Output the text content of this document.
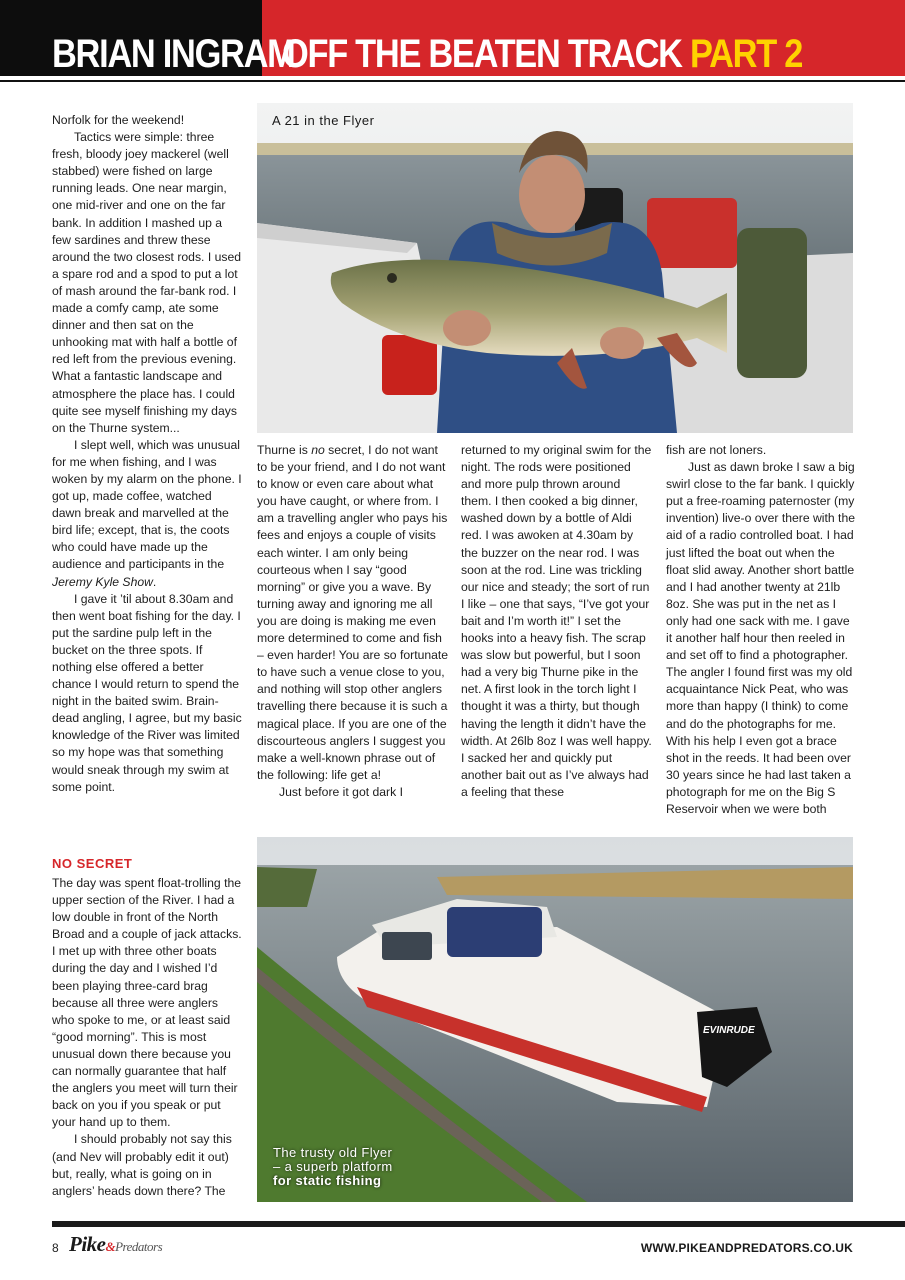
BRIAN INGRAM
OFF THE BEATEN TRACK PART 2
A 21 in the Flyer

Norfolk for the weekend!

Tactics were simple: three fresh, bloody joey mackerel (well stabbed) were fished on large running leads. One near margin, one mid-river and one on the far bank. In addition I mashed up a few sardines and threw these around the two closest rods. I used a spare rod and a spod to put a lot of mash around the far-bank rod. I made a comfy camp, ate some dinner and then sat on the unhooking mat with half a bottle of red left from the previous evening. What a fantastic landscape and atmosphere the place has. I could quite see myself finishing my days on the Thurne system...

I slept well, which was unusual for me when fishing, and I was woken by my alarm on the phone. I got up, made coffee, watched dawn break and marvelled at the bird life; except, that is, the coots who could have made up the audience and participants in the Jeremy Kyle Show.

I gave it ’til about 8.30am and then went boat fishing for the day. I put the sardine pulp left in the bucket on the three spots. If nothing else offered a better chance I would return to spend the night in the baited swim. Brain-dead angling, I agree, but my basic knowledge of the River was limited so my hope was that something would sneak through my swim at some point.

NO SECRET

The day was spent float-trolling the upper section of the River. I had a low double in front of the North Broad and a couple of jack attacks. I met up with three other boats during the day and I wished I’d been playing three-card brag because all three were anglers who spoke to me, or at least said “good morning”. This is most unusual down there because you can normally guarantee that half the anglers you meet will turn their back on you if you speak or put your hand up to them.

I should probably not say this (and Nev will probably edit it out) but, really, what is going on in anglers’ heads down there? The

Thurne is no secret, I do not want to be your friend, and I do not want to know or even care about what you have caught, or where from. I am a travelling angler who pays his fees and enjoys a couple of visits each winter. I am only being courteous when I say “good morning” or give you a wave. By turning away and ignoring me all you are doing is making me even more determined to come and fish – even harder! You are so fortunate to have such a venue close to you, and nothing will stop other anglers travelling there because it is such a magical place. If you are one of the discourteous anglers I suggest you make a well-known phrase out of the following: life get a!

Just before it got dark I

returned to my original swim for the night. The rods were positioned and more pulp thrown around them. I then cooked a big dinner, washed down by a bottle of Aldi red. I was awoken at 4.30am by the buzzer on the near rod. I was soon at the rod. Line was trickling our nice and steady; the sort of run I like – one that says, “I’ve got your bait and I’m worth it!” I set the hooks into a heavy fish. The scrap was slow but powerful, but I soon had a very big Thurne pike in the net. A first look in the torch light I thought it was a thirty, but though having the length it didn’t have the width. At 26lb 8oz I was well happy. I sacked her and quickly put another bait out as I’ve always had a feeling that these

fish are not loners.

Just as dawn broke I saw a big swirl close to the far bank. I quickly put a free-roaming paternoster (my invention) live-o over there with the aid of a radio controlled boat. I had just lifted the boat out when the float slid away. Another short battle and I had another twenty at 21lb 8oz. She was put in the net as I only had one sack with me. I gave it another half hour then reeled in and set off to find a photographer. The angler I found first was my old acquaintance Nick Peat, who was more than happy (I think) to come and do the photographs for me. With his help I even got a brace shot in the reeds. It had been over 30 years since he had last taken a photograph for me on the Big S Reservoir when we were both

EVINRUDE
The trusty old Flyer
– a superb platform
for static fishing
8 Pike&Predators	WWW.PIKEANDPREDATORS.CO.UK
